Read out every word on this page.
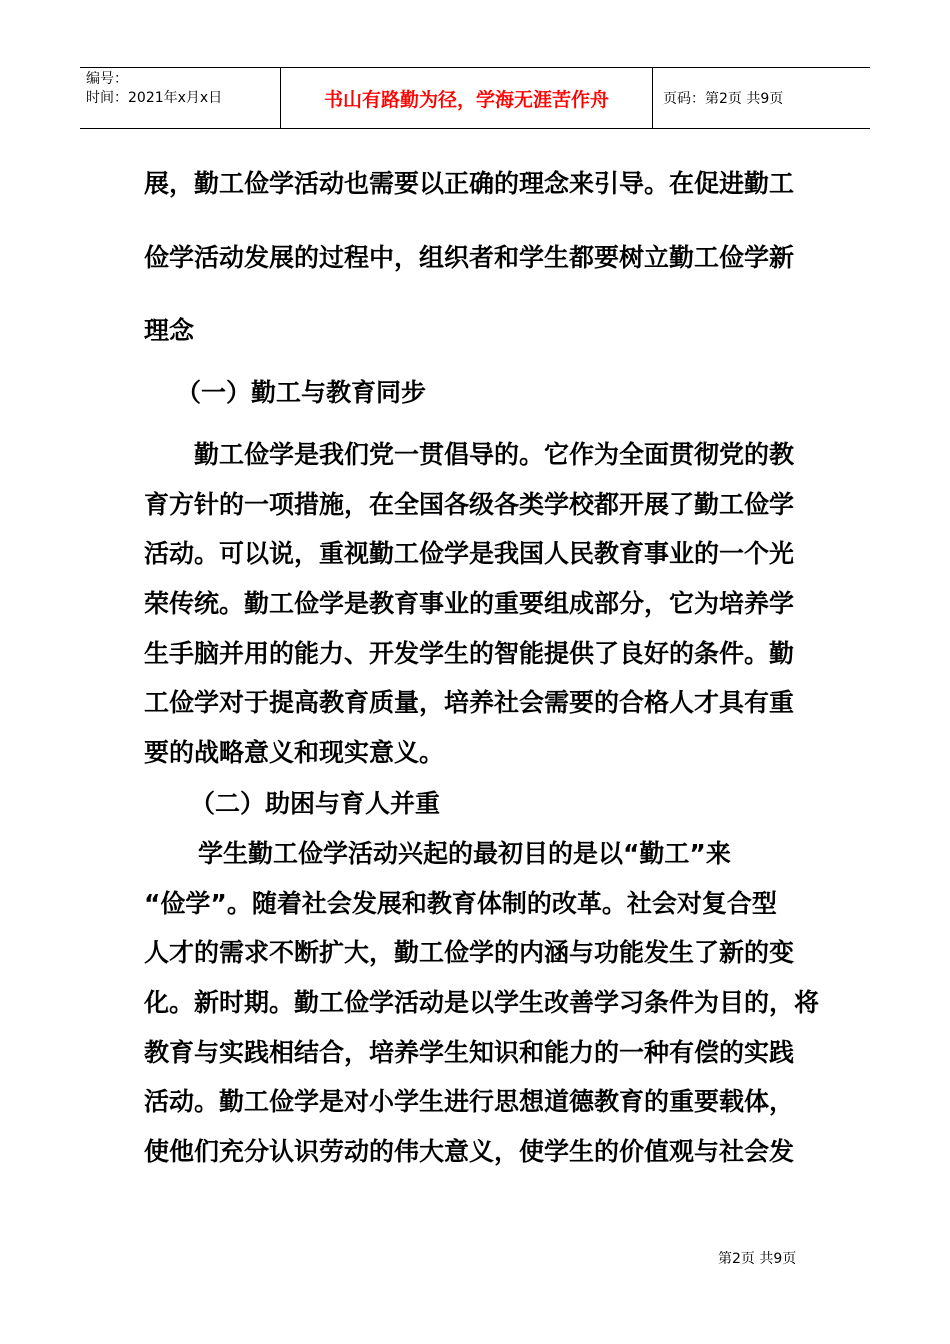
编号：
时间：2021年x月x日	书山有路勤为径，学海无涯苦作舟	页码：第2页 共9页
展，勤工俭学活动也需要以正确的理念来引导。在促进勤工
俭学活动发展的过程中，组织者和学生都要树立勤工俭学新
理念
（一）勤工与教育同步
勤工俭学是我们党一贯倡导的。它作为全面贯彻党的教
育方针的一项措施，在全国各级各类学校都开展了勤工俭学
活动。可以说，重视勤工俭学是我国人民教育事业的一个光
荣传统。勤工俭学是教育事业的重要组成部分，它为培养学
生手脑并用的能力、开发学生的智能提供了良好的条件。勤
工俭学对于提高教育质量，培养社会需要的合格人才具有重
要的战略意义和现实意义。
（二）助困与育人并重
学生勤工俭学活动兴起的最初目的是以“勤工”来
“俭学”。随着社会发展和教育体制的改革。社会对复合型
人才的需求不断扩大，勤工俭学的内涵与功能发生了新的变
化。新时期。勤工俭学活动是以学生改善学习条件为目的，将
教育与实践相结合，培养学生知识和能力的一种有偿的实践
活动。勤工俭学是对小学生进行思想道德教育的重要载体，
使他们充分认识劳动的伟大意义，使学生的价值观与社会发
第2页 共9页
